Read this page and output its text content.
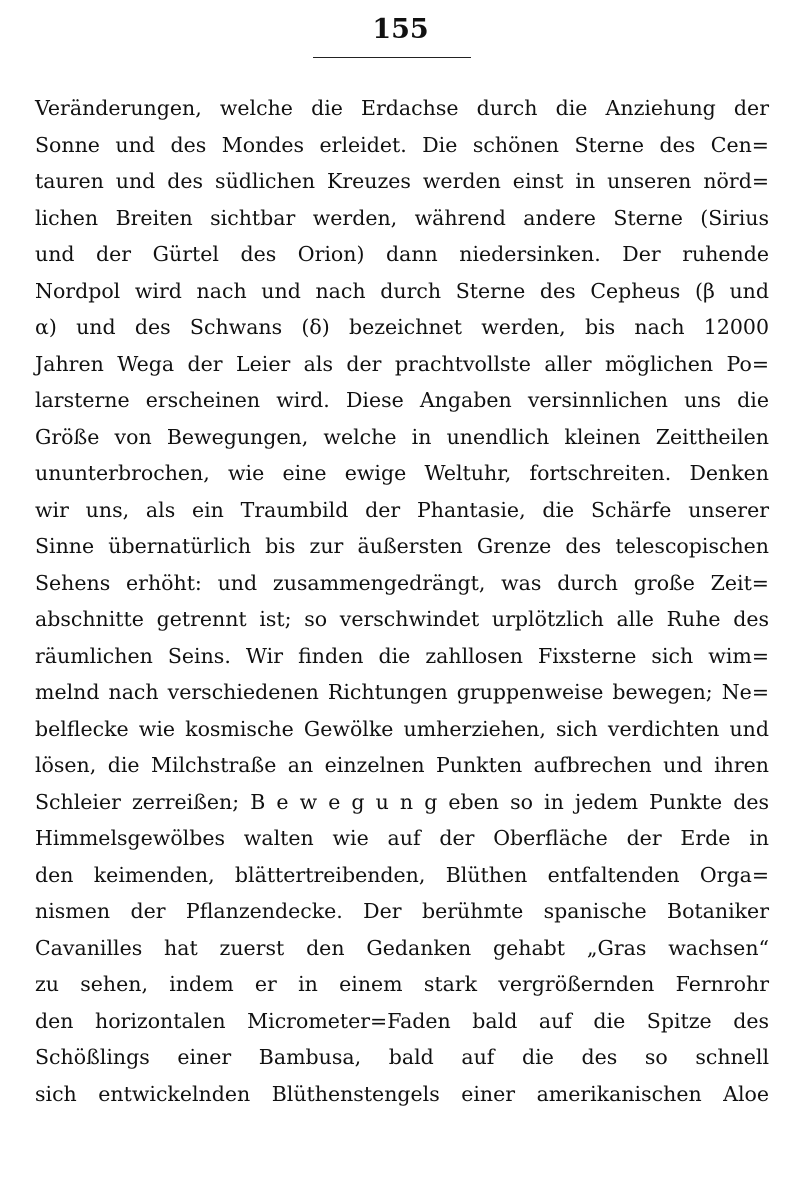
155
Veränderungen, welche die Erdachse durch die Anziehung der
Sonne und des Mondes erleidet. Die schönen Sterne des Cen=
tauren und des südlichen Kreuzes werden einst in unseren nörd=
lichen Breiten sichtbar werden, während andere Sterne (Sirius
und der Gürtel des Orion) dann niedersinken. Der ruhende
Nordpol wird nach und nach durch Sterne des Cepheus (β und
α) und des Schwans (δ) bezeichnet werden, bis nach 12000
Jahren Wega der Leier als der prachtvollste aller möglichen Po=
larsterne erscheinen wird. Diese Angaben versinnlichen uns die
Größe von Bewegungen, welche in unendlich kleinen Zeittheilen
ununterbrochen, wie eine ewige Weltuhr, fortschreiten. Denken
wir uns, als ein Traumbild der Phantasie, die Schärfe unserer
Sinne übernatürlich bis zur äußersten Grenze des telescopischen
Sehens erhöht: und zusammengedrängt, was durch große Zeit=
abschnitte getrennt ist; so verschwindet urplötzlich alle Ruhe des
räumlichen Seins. Wir finden die zahllosen Fixsterne sich wim=
melnd nach verschiedenen Richtungen gruppenweise bewegen; Ne=
belflecke wie kosmische Gewölke umherziehen, sich verdichten und
lösen, die Milchstraße an einzelnen Punkten aufbrechen und ihren
Schleier zerreißen; B e w e g u n g eben so in jedem Punkte des
Himmelsgewölbes walten wie auf der Oberfläche der Erde in
den keimenden, blättertreibenden, Blüthen entfaltenden Orga=
nismen der Pflanzendecke. Der berühmte spanische Botaniker
Cavanilles hat zuerst den Gedanken gehabt „Gras wachsen“
zu sehen, indem er in einem stark vergrößernden Fernrohr
den horizontalen Micrometer=Faden bald auf die Spitze des
Schößlings einer Bambusa, bald auf die des so schnell
sich entwickelnden Blüthenstengels einer amerikanischen Aloe
